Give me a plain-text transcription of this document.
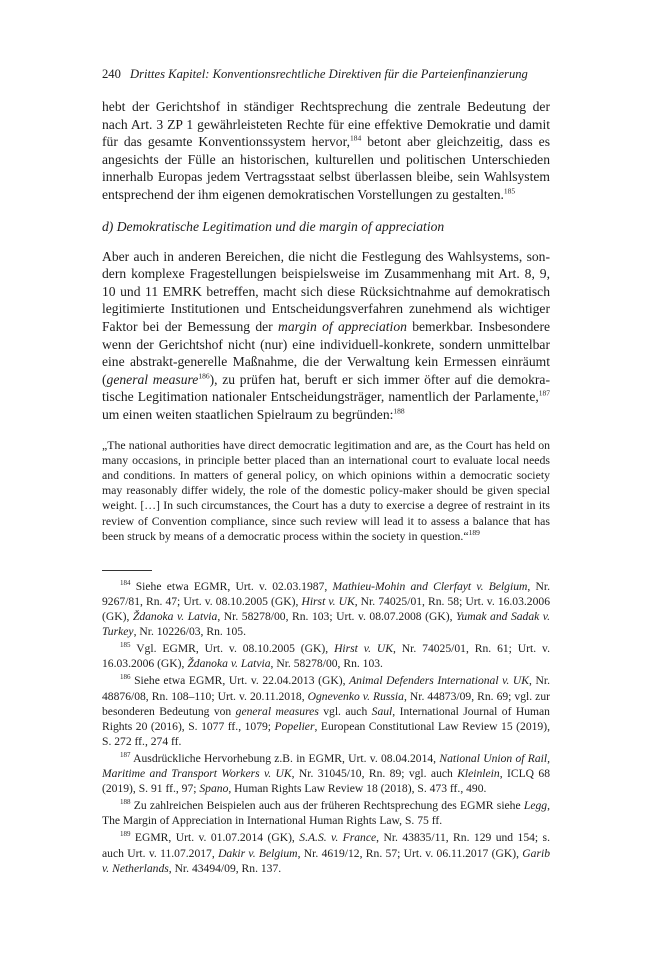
240 Drittes Kapitel: Konventionsrechtliche Direktiven für die Parteienfinanzierung

hebt der Gerichtshof in ständiger Rechtsprechung die zentrale Bedeutung der nach Art. 3 ZP 1 gewährleisteten Rechte für eine effektive Demokratie und damit für das gesamte Konventionssystem hervor,$^{184}$ betont aber gleichzeitig, dass es angesichts der Fülle an historischen, kulturellen und politischen Unterschieden innerhalb Europas jedem Vertragsstaat selbst überlassen bleibe, sein Wahlsystem entsprechend der ihm eigenen demokratischen Vorstellungen zu gestalten.$^{185}$

d) Demokratische Legitimation und die margin of appreciation

Aber auch in anderen Bereichen, die nicht die Festlegung des Wahlsystems, sondern komplexe Fragestellungen beispielsweise im Zusammenhang mit Art. 8, 9, 10 und 11 EMRK betreffen, macht sich diese Rücksichtnahme auf demokratisch legitimierte Institutionen und Entscheidungsverfahren zunehmend als wichtiger Faktor bei der Bemessung der margin of appreciation bemerkbar. Insbesondere wenn der Gerichtshof nicht (nur) eine individuell-konkrete, sondern unmittelbar eine abstrakt-generelle Maßnahme, die der Verwaltung kein Ermessen einräumt (general measure$^{186}$), zu prüfen hat, beruft er sich immer öfter auf die demokratische Legitimation nationaler Entscheidungsträger, namentlich der Parlamente,$^{187}$ um einen weiten staatlichen Spielraum zu begründen:$^{188}$

„The national authorities have direct democratic legitimation and are, as the Court has held on many occasions, in principle better placed than an international court to evaluate local needs and conditions. In matters of general policy, on which opinions within a democratic society may reasonably differ widely, the role of the domestic policy-maker should be given special weight. […] In such circumstances, the Court has a duty to exercise a degree of restraint in its review of Convention compliance, since such review will lead it to assess a balance that has been struck by means of a democratic process within the society in question.“$^{189}$

$^{184}$ Siehe etwa EGMR, Urt. v. 02.03.1987, Mathieu-Mohin and Clerfayt v. Belgium, Nr. 9267/81, Rn. 47; Urt. v. 08.10.2005 (GK), Hirst v. UK, Nr. 74025/01, Rn. 58; Urt. v. 16.03.2006 (GK), Ždanoka v. Latvia, Nr. 58278/00, Rn. 103; Urt. v. 08.07.2008 (GK), Yumak and Sadak v. Turkey, Nr. 10226/03, Rn. 105.

$^{185}$ Vgl. EGMR, Urt. v. 08.10.2005 (GK), Hirst v. UK, Nr. 74025/01, Rn. 61; Urt. v. 16.03.2006 (GK), Ždanoka v. Latvia, Nr. 58278/00, Rn. 103.

$^{186}$ Siehe etwa EGMR, Urt. v. 22.04.2013 (GK), Animal Defenders International v. UK, Nr. 48876/08, Rn. 108–110; Urt. v. 20.11.2018, Ognevenko v. Russia, Nr. 44873/09, Rn. 69; vgl. zur besonderen Bedeutung von general measures vgl. auch Saul, International Journal of Human Rights 20 (2016), S. 1077 ff., 1079; Popelier, European Constitutional Law Review 15 (2019), S. 272 ff., 274 ff.

$^{187}$ Ausdrückliche Hervorhebung z.B. in EGMR, Urt. v. 08.04.2014, National Union of Rail, Maritime and Transport Workers v. UK, Nr. 31045/10, Rn. 89; vgl. auch Kleinlein, ICLQ 68 (2019), S. 91 ff., 97; Spano, Human Rights Law Review 18 (2018), S. 473 ff., 490.

$^{188}$ Zu zahlreichen Beispielen auch aus der früheren Rechtsprechung des EGMR siehe Legg, The Margin of Appreciation in International Human Rights Law, S. 75 ff.

$^{189}$ EGMR, Urt. v. 01.07.2014 (GK), S.A.S. v. France, Nr. 43835/11, Rn. 129 und 154; s. auch Urt. v. 11.07.2017, Dakir v. Belgium, Nr. 4619/12, Rn. 57; Urt. v. 06.11.2017 (GK), Garib v. Netherlands, Nr. 43494/09, Rn. 137.
